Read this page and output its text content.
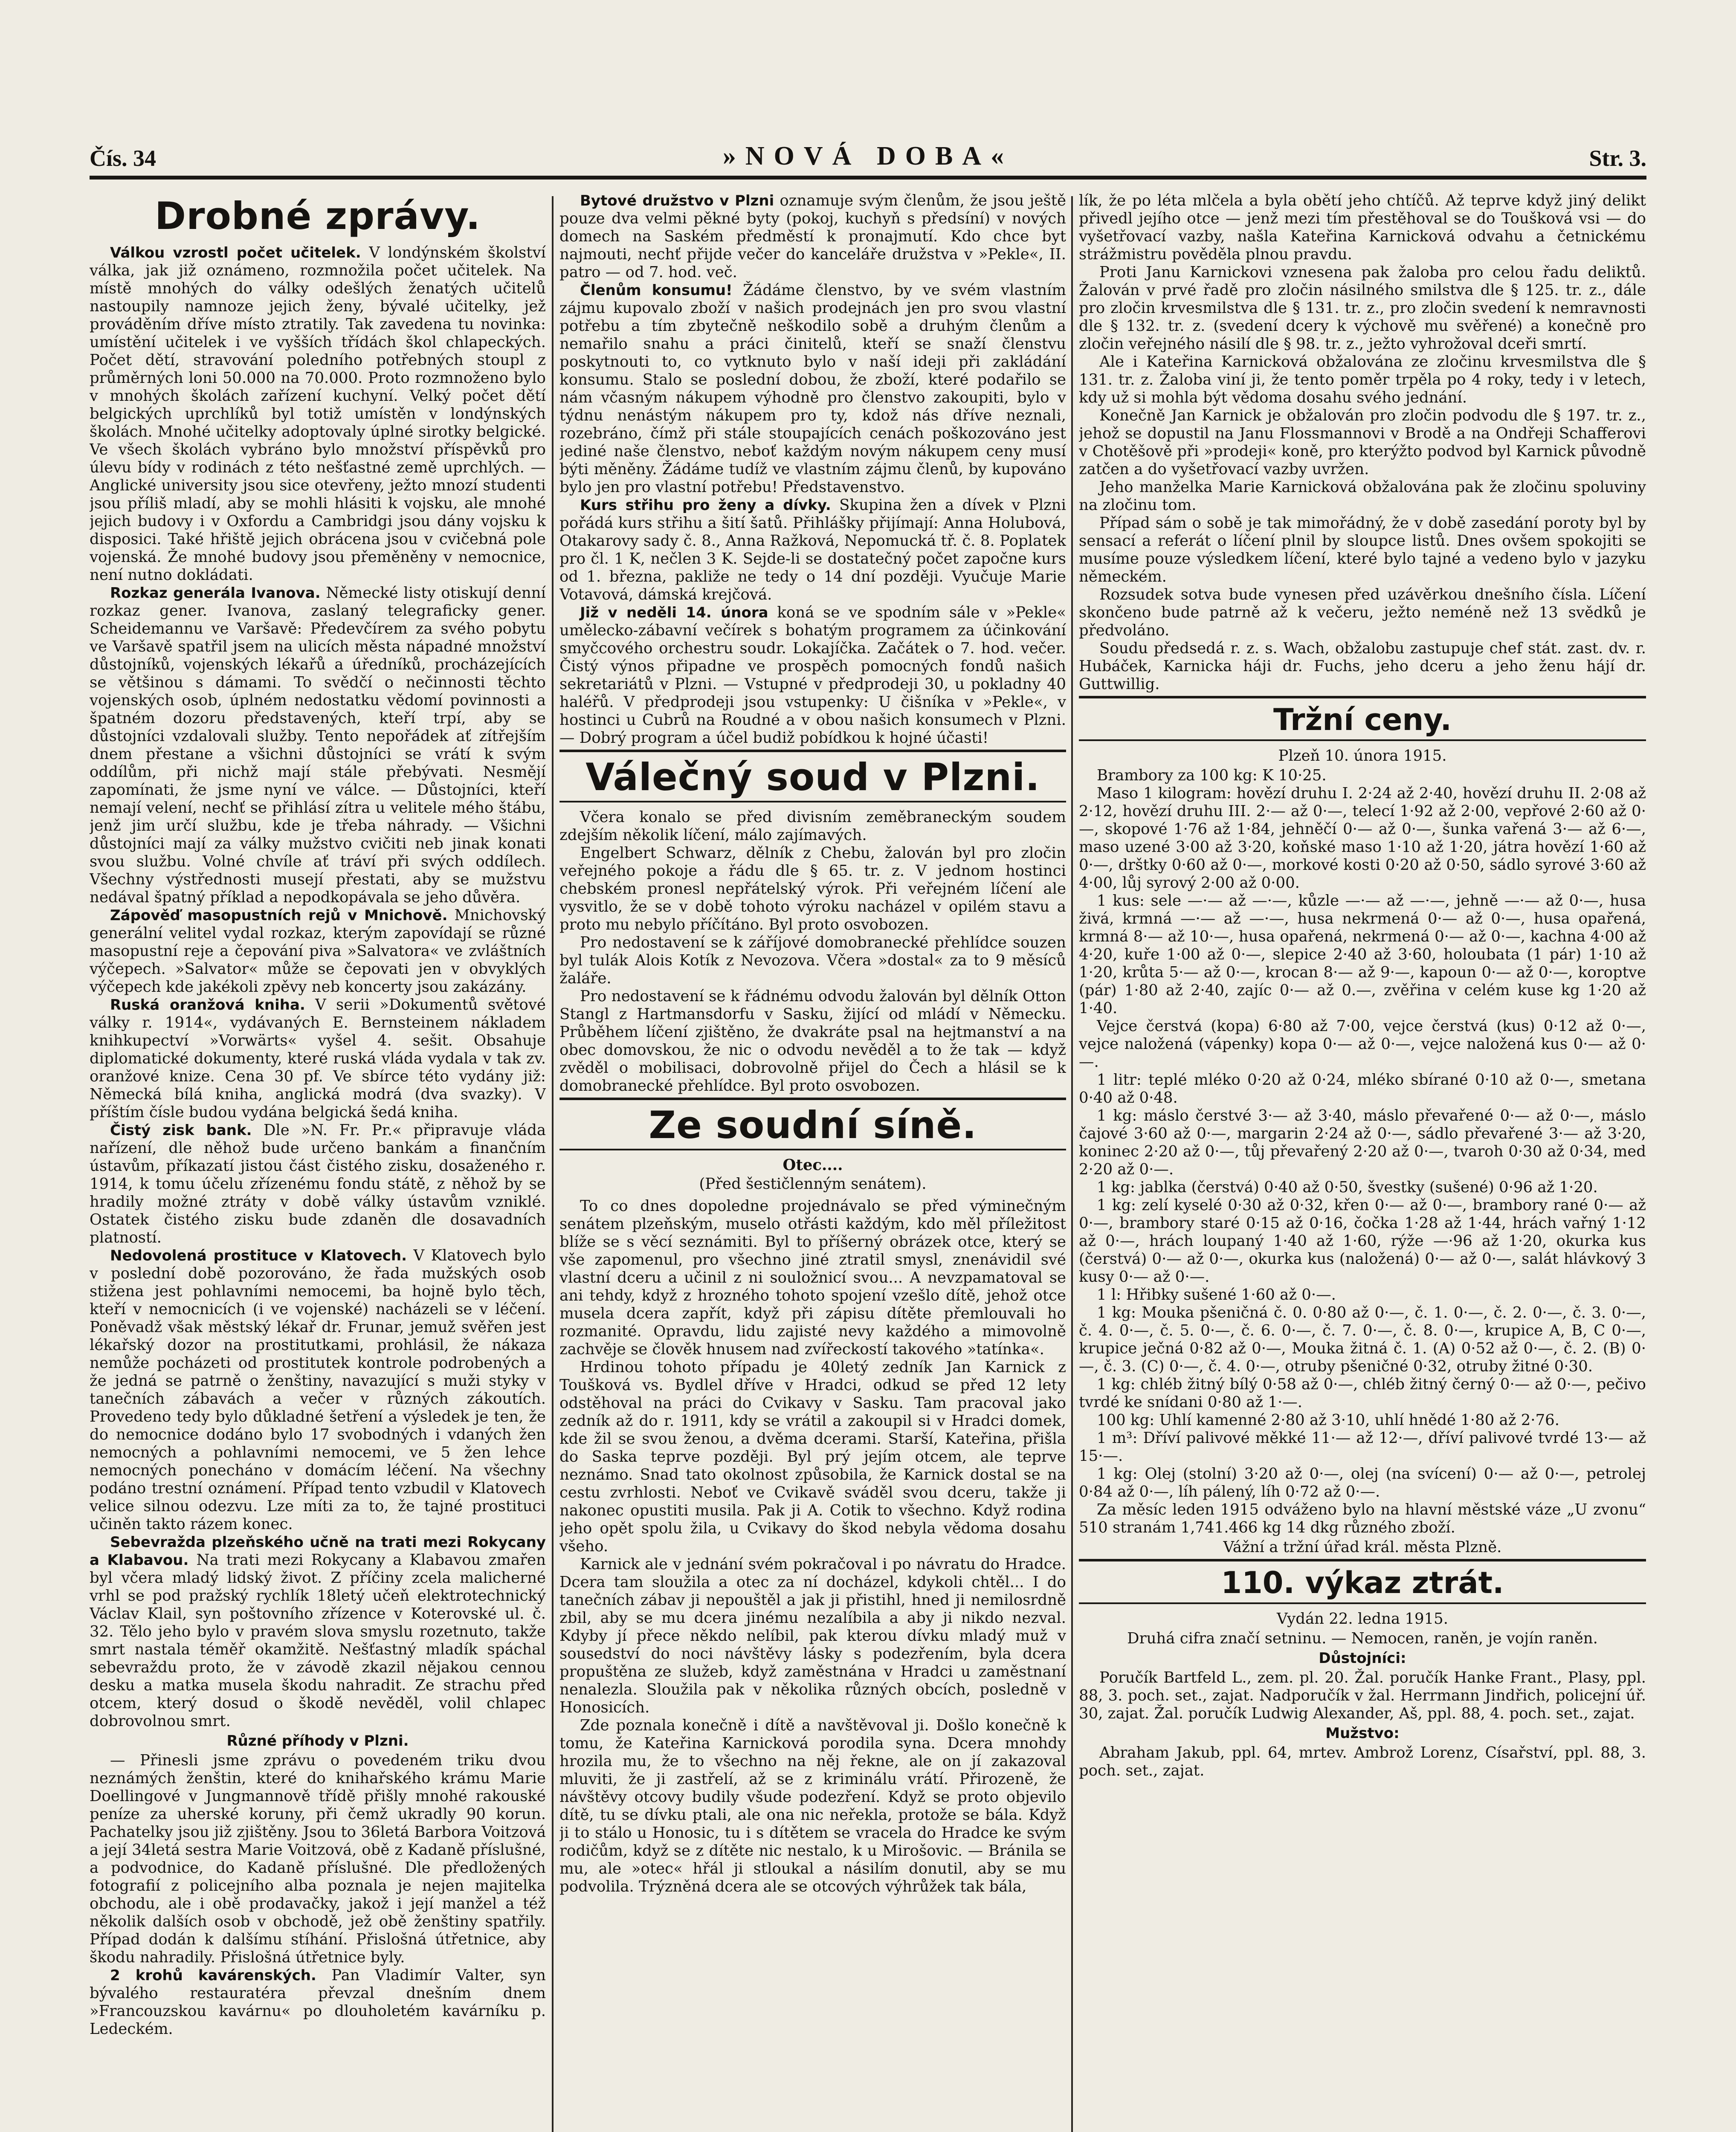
Čís. 34	»NOVÁ DOBA«	Str. 3.
Drobné zprávy.

Válkou vzrostl počet učitelek. V londýnském školství válka, jak již oznámeno, rozmnožila počet učitelek. Na místě mnohých do války odešlých ženatých učitelů nastoupily namnoze jejich ženy, bývalé učitelky, jež prováděním dříve místo ztratily. Tak zavedena tu novinka: umístění učitelek i ve vyšších třídách škol chlapeckých. Počet dětí, stravování poledního potřebných stoupl z průměrných loni 50.000 na 70.000. Proto rozmnoženo bylo v mnohých školách zařízení kuchyní. Velký počet dětí belgických uprchlíků byl totiž umístěn v londýnských školách. Mnohé učitelky adoptovaly úplné sirotky belgické. Ve všech školách vybráno bylo množství příspěvků pro úlevu bídy v rodinách z této nešťastné země uprchlých. — Anglické university jsou sice otevřeny, ježto mnozí studenti jsou příliš mladí, aby se mohli hlásiti k vojsku, ale mnohé jejich budovy i v Oxfordu a Cambridgi jsou dány vojsku k disposici. Také hřiště jejich obrácena jsou v cvičebná pole vojenská. Že mnohé budovy jsou přeměněny v nemocnice, není nutno dokládati.

Rozkaz generála Ivanova. Německé listy otiskují denní rozkaz gener. Ivanova, zaslaný telegraficky gener. Scheidemannu ve Varšavě: Předevčírem za svého pobytu ve Varšavě spatřil jsem na ulicích města nápadné množství důstojníků, vojenských lékařů a úředníků, procházejících se většinou s dámami. To svědčí o nečinnosti těchto vojenských osob, úplném nedostatku vědomí povinnosti a špatném dozoru představených, kteří trpí, aby se důstojníci vzdalovali služby. Tento nepořádek ať zítřejším dnem přestane a všichni důstojníci se vrátí k svým oddílům, při nichž mají stále přebývati. Nesmějí zapomínati, že jsme nyní ve válce. — Důstojníci, kteří nemají velení, nechť se přihlásí zítra u velitele mého štábu, jenž jim určí službu, kde je třeba náhrady. — Všichni důstojníci mají za války mužstvo cvičiti neb jinak konati svou službu. Volné chvíle ať tráví při svých oddílech. Všechny výstřednosti musejí přestati, aby se mužstvu nedával špatný příklad a nepodkopávala se jeho důvěra.

Zápověď masopustních rejů v Mnichově. Mnichovský generální velitel vydal rozkaz, kterým zapovídají se různé masopustní reje a čepování piva »Salvatora« ve zvláštních výčepech. »Salvator« může se čepovati jen v obvyklých výčepech kde jakékoli zpěvy neb koncerty jsou zakázány.

Ruská oranžová kniha. V serii »Dokumentů světové války r. 1914«, vydávaných E. Bernsteinem nákladem knihkupectví »Vorwärts« vyšel 4. sešit. Obsahuje diplomatické dokumenty, které ruská vláda vydala v tak zv. oranžové knize. Cena 30 pf. Ve sbírce této vydány již: Německá bílá kniha, anglická modrá (dva svazky). V příštím čísle budou vydána belgická šedá kniha.

Čistý zisk bank. Dle »N. Fr. Pr.« připravuje vláda nařízení, dle něhož bude určeno bankám a finančním ústavům, příkazatí jistou část čistého zisku, dosaženého r. 1914, k tomu účelu zřízenému fondu státě, z něhož by se hradily možné ztráty v době války ústavům vzniklé. Ostatek čistého zisku bude zdaněn dle dosavadních platností.

Nedovolená prostituce v Klatovech. V Klatovech bylo v poslední době pozorováno, že řada mužských osob stižena jest pohlavními nemocemi, ba hojně bylo těch, kteří v nemocnicích (i ve vojenské) nacházeli se v léčení. Poněvadž však městský lékař dr. Frunar, jemuž svěřen jest lékařský dozor na prostitutkami, prohlásil, že nákaza nemůže pocházeti od prostitutek kontrole podrobených a že jedná se patrně o ženštiny, navazující s muži styky v tanečních zábavách a večer v různých zákoutích. Provedeno tedy bylo důkladné šetření a výsledek je ten, že do nemocnice dodáno bylo 17 svobodných i vdaných žen nemocných a pohlavními nemocemi, ve 5 žen lehce nemocných ponecháno v domácím léčení. Na všechny podáno trestní oznámení. Případ tento vzbudil v Klatovech velice silnou odezvu. Lze míti za to, že tajné prostituci učiněn takto rázem konec.

Sebevražda plzeňského učně na trati mezi Rokycany a Klabavou. Na trati mezi Rokycany a Klabavou zmařen byl včera mladý lidský život. Z příčiny zcela malicherné vrhl se pod pražský rychlík 18letý učeň elektrotechnický Václav Klail, syn poštovního zřízence v Koterovské ul. č. 32. Tělo jeho bylo v pravém slova smyslu rozetnuto, takže smrt nastala téměř okamžitě. Nešťastný mladík spáchal sebevraždu proto, že v závodě zkazil nějakou cennou desku a matka musela škodu nahradit. Ze strachu před otcem, který dosud o škodě nevěděl, volil chlapec dobrovolnou smrt.

Různé příhody v Plzni.

— Přinesli jsme zprávu o povedeném triku dvou neznámých ženštin, které do knihařského krámu Marie Doellingové v Jungmannově třídě přišly mnohé rakouské peníze za uherské koruny, při čemž ukradly 90 korun. Pachatelky jsou již zjištěny. Jsou to 36letá Barbora Voitzová a její 34letá sestra Marie Voitzová, obě z Kadaně příslušné, a podvodnice, do Kadaně příslušné. Dle předložených fotografií z policejního alba poznala je nejen majitelka obchodu, ale i obě prodavačky, jakož i její manžel a též několik dalších osob v obchodě, jež obě ženštiny spatřily. Případ dodán k dalšímu stíhání. Přislošná útřetnice, aby škodu nahradily. Přislošná útřetnice byly.

2 krohů kavárenských. Pan Vladimír Valter, syn bývalého restauratéra převzal dnešním dnem »Francouzskou kavárnu« po dlouholetém kavárníku p. Ledeckém.

Bytové družstvo v Plzni oznamuje svým členům, že jsou ještě pouze dva velmi pěkné byty (pokoj, kuchyň s předsíní) v nových domech na Saském předměstí k pronajmutí. Kdo chce byt najmouti, nechť přijde večer do kanceláře družstva v »Pekle«, II. patro — od 7. hod. več.

Členům konsumu! Žádáme členstvo, by ve svém vlastním zájmu kupovalo zboží v našich prodejnách jen pro svou vlastní potřebu a tím zbytečně neškodilo sobě a druhým členům a nemařilo snahu a práci činitelů, kteří se snaží členstvu poskytnouti to, co vytknuto bylo v naší ideji při zakládání konsumu. Stalo se poslední dobou, že zboží, které podařilo se nám včasným nákupem výhodně pro členstvo zakoupiti, bylo v týdnu nenástým nákupem pro ty, kdož nás dříve neznali, rozebráno, čímž při stále stoupajících cenách poškozováno jest jediné naše členstvo, neboť každým novým nákupem ceny musí býti měněny. Žádáme tudíž ve vlastním zájmu členů, by kupováno bylo jen pro vlastní potřebu! Představenstvo.

Kurs střihu pro ženy a dívky. Skupina žen a dívek v Plzni pořádá kurs střihu a šití šatů. Přihlášky přijímají: Anna Holubová, Otakarovy sady č. 8., Anna Ražková, Nepomucká tř. č. 8. Poplatek pro čl. 1 K, nečlen 3 K. Sejde-li se dostatečný počet započne kurs od 1. března, pakliže ne tedy o 14 dní později. Vyučuje Marie Votavová, dámská krejčová.

Již v neděli 14. února koná se ve spodním sále v »Pekle« umělecko-zábavní večírek s bohatým programem za účinkování smyčcového orchestru soudr. Lokajíčka. Začátek o 7. hod. večer. Čistý výnos připadne ve prospěch pomocných fondů našich sekretariátů v Plzni. — Vstupné v předprodeji 30, u pokladny 40 haléřů. V předprodeji jsou vstupenky: U čišníka v »Pekle«, v hostinci u Cubrů na Roudné a v obou našich konsumech v Plzni. — Dobrý program a účel budiž pobídkou k hojné účasti!

Válečný soud v Plzni.

Včera konalo se před divisním zeměbraneckým soudem zdejším několik líčení, málo zajímavých.

Engelbert Schwarz, dělník z Chebu, žalován byl pro zločin veřejného pokoje a řádu dle § 65. tr. z. V jednom hostinci chebském pronesl nepřátelský výrok. Při veřejném líčení ale vysvitlo, že se v době tohoto výroku nacházel v opilém stavu a proto mu nebylo příčítáno. Byl proto osvobozen.

Pro nedostavení se k záříjové domobranecké přehlídce souzen byl tulák Alois Kotík z Nevozova. Včera »dostal« za to 9 měsíců žaláře.

Pro nedostavení se k řádnému odvodu žalován byl dělník Otton Stangl z Hartmansdorfu v Sasku, žijící od mládí v Německu. Průběhem líčení zjištěno, že dvakráte psal na hejtmanství a na obec domovskou, že nic o odvodu nevěděl a to že tak — když zvěděl o mobilisaci, dobrovolně přijel do Čech a hlásil se k domobranecké přehlídce. Byl proto osvobozen.

Ze soudní síně.
Otec....
(Před šestičlenným senátem).

To co dnes dopoledne projednávalo se před výminečným senátem plzeňským, muselo otřásti každým, kdo měl příležitost blíže se s věcí seznámiti. Byl to příšerný obrázek otce, který se vše zapomenul, pro všechno jiné ztratil smysl, znenávidil své vlastní dceru a učinil z ni souložnicí svou... A nevzpamatoval se ani tehdy, když z hrozného tohoto spojení vzešlo dítě, jehož otce musela dcera zapřít, když při zápisu dítěte přemlouvali ho rozmanité. Opravdu, lidu zajisté nevy každého a mimovolně zachvěje se člověk hnusem nad zvířeckostí takového »tatínka«.

Hrdinou tohoto případu je 40letý zedník Jan Karnick z Toušková vs. Bydlel dříve v Hradci, odkud se před 12 lety odstěhoval na práci do Cvikavy v Sasku. Tam pracoval jako zedník až do r. 1911, kdy se vrátil a zakoupil si v Hradci domek, kde žil se svou ženou, a dvěma dcerami. Starší, Kateřina, přišla do Saska teprve později. Byl prý jejím otcem, ale teprve neznámo. Snad tato okolnost způsobila, že Karnick dostal se na cestu zvrhlosti. Neboť ve Cvikavě sváděl svou dceru, takže ji nakonec opustiti musila. Pak ji A. Cotik to všechno. Když rodina jeho opět spolu žila, u Cvikavy do škod nebyla vědoma dosahu všeho.

Karnick ale v jednání svém pokračoval i po návratu do Hradce. Dcera tam sloužila a otec za ní docházel, kdykoli chtěl... I do tanečních zábav ji nepouštěl a jak ji přistihl, hned ji nemilosrdně zbil, aby se mu dcera jinému nezalíbila a aby ji nikdo nezval. Kdyby jí přece někdo nelíbil, pak kterou dívku mladý muž v sousedství do noci návštěvy lásky s podezřením, byla dcera propuštěna ze služeb, když zaměstnána v Hradci u zaměstnaní nenalezla. Sloužila pak v několika různých obcích, posledně v Honosicích.

Zde poznala konečně i dítě a navštěvoval ji. Došlo konečně k tomu, že Kateřina Karnicková porodila syna. Dcera mnohdy hrozila mu, že to všechno na něj řekne, ale on jí zakazoval mluviti, že ji zastřelí, až se z kriminálu vrátí. Přirozeně, že návštěvy otcovy budily všude podezření. Když se proto objevilo dítě, tu se dívku ptali, ale ona nic neřekla, protože se bála. Když ji to stálo u Honosic, tu i s dítětem se vracela do Hradce ke svým rodičům, když se z dítěte nic nestalo, k u Mirošovic. — Bránila se mu, ale »otec« hřál ji stloukal a násilím donutil, aby se mu podvolila. Trýzněná dcera ale se otcových výhrůžek tak bála,

lík, že po léta mlčela a byla obětí jeho chtíčů. Až teprve když jiný delikt přivedl jejího otce — jenž mezi tím přestěhoval se do Toušková vsi — do vyšetřovací vazby, našla Kateřina Karnicková odvahu a četnickému strážmistru pověděla plnou pravdu.

Proti Janu Karnickovi vznesena pak žaloba pro celou řadu deliktů. Žalován v prvé řadě pro zločin násilného smilstva dle § 125. tr. z., dále pro zločin krvesmilstva dle § 131. tr. z., pro zločin svedení k nemravnosti dle § 132. tr. z. (svedení dcery k výchově mu svěřené) a konečně pro zločin veřejného násilí dle § 98. tr. z., ježto vyhrožoval dceři smrtí.

Ale i Kateřina Karnicková obžalována ze zločinu krvesmilstva dle § 131. tr. z. Žaloba viní ji, že tento poměr trpěla po 4 roky, tedy i v letech, kdy už si mohla být vědoma dosahu svého jednání.

Konečně Jan Karnick je obžalován pro zločin podvodu dle § 197. tr. z., jehož se dopustil na Janu Flossmannovi v Brodě a na Ondřeji Schafferovi v Chotěšově při »prodeji« koně, pro kterýžto podvod byl Karnick původně zatčen a do vyšetřovací vazby uvržen.

Jeho manželka Marie Karnicková obžalována pak že zločinu spoluviny na zločinu tom.

Případ sám o sobě je tak mimořádný, že v době zasedání poroty byl by sensací a referát o líčení plnil by sloupce listů. Dnes ovšem spokojiti se musíme pouze výsledkem líčení, které bylo tajné a vedeno bylo v jazyku německém.

Rozsudek sotva bude vynesen před uzávěrkou dnešního čísla. Líčení skončeno bude patrně až k večeru, ježto neméně než 13 svědků je předvoláno.

Soudu předsedá r. z. s. Wach, obžalobu zastupuje chef stát. zast. dv. r. Hubáček, Karnicka háji dr. Fuchs, jeho dceru a jeho ženu hájí dr. Guttwillig.

Tržní ceny.

Plzeň 10. února 1915.

Brambory za 100 kg: K 10·25.

Maso 1 kilogram: hovězí druhu I. 2·24 až 2·40, hovězí druhu II. 2·08 až 2·12, hovězí druhu III. 2·— až 0·—, telecí 1·92 až 2·00, vepřové 2·60 až 0·—, skopové 1·76 až 1·84, jehněčí 0·— až 0·—, šunka vařená 3·— až 6·—, maso uzené 3·00 až 3·20, koňské maso 1·10 až 1·20, játra hovězí 1·60 až 0·—, drštky 0·60 až 0·—, morkové kosti 0·20 až 0·50, sádlo syrové 3·60 až 4·00, lůj syrový 2·00 až 0·00.

1 kus: sele —·— až —·—, kůzle —·— až —·—, jehně —·— až 0·—, husa živá, krmná —·— až —·—, husa nekrmená 0·— až 0·—, husa opařená, krmná 8·— až 10·—, husa opařená, nekrmená 0·— až 0·—, kachna 4·00 až 4·20, kuře 1·00 až 0·—, slepice 2·40 až 3·60, holoubata (1 pár) 1·10 až 1·20, krůta 5·— až 0·—, krocan 8·— až 9·—, kapoun 0·— až 0·—, koroptve (pár) 1·80 až 2·40, zajíc 0·— až 0.—, zvěřina v celém kuse kg 1·20 až 1·40.

Vejce čerstvá (kopa) 6·80 až 7·00, vejce čerstvá (kus) 0·12 až 0·—, vejce naložená (vápenky) kopa 0·— až 0·—, vejce naložená kus 0·— až 0·—.

1 litr: teplé mléko 0·20 až 0·24, mléko sbírané 0·10 až 0·—, smetana 0·40 až 0·48.

1 kg: máslo čerstvé 3·— až 3·40, máslo převařené 0·— až 0·—, máslo čajové 3·60 až 0·—, margarin 2·24 až 0·—, sádlo převařené 3·— až 3·20, koninec 2·20 až 0·—, tůj převařený 2·20 až 0·—, tvaroh 0·30 až 0·34, med 2·20 až 0·—.

1 kg: jablka (čerstvá) 0·40 až 0·50, švestky (sušené) 0·96 až 1·20.

1 kg: zelí kyselé 0·30 až 0·32, křen 0·— až 0·—, brambory rané 0·— až 0·—, brambory staré 0·15 až 0·16, čočka 1·28 až 1·44, hrách vařný 1·12 až 0·—, hrách loupaný 1·40 až 1·60, rýže —·96 až 1·20, okurka kus (čerstvá) 0·— až 0·—, okurka kus (naložená) 0·— až 0·—, salát hlávkový 3 kusy 0·— až 0·—.

1 l: Hřibky sušené 1·60 až 0·—.

1 kg: Mouka pšeničná č. 0. 0·80 až 0·—, č. 1. 0·—, č. 2. 0·—, č. 3. 0·—, č. 4. 0·—, č. 5. 0·—, č. 6. 0·—, č. 7. 0·—, č. 8. 0·—, krupice A, B, C 0·—, krupice ječná 0·82 až 0·—, Mouka žitná č. 1. (A) 0·52 až 0·—, č. 2. (B) 0·—, č. 3. (C) 0·—, č. 4. 0·—, otruby pšeničné 0·32, otruby žitné 0·30.

1 kg: chléb žitný bílý 0·58 až 0·—, chléb žitný černý 0·— až 0·—, pečivo tvrdé ke snídani 0·80 až 1·—.

100 kg: Uhlí kamenné 2·80 až 3·10, uhlí hnědé 1·80 až 2·76.

1 m³: Dříví palivové měkké 11·— až 12·—, dříví palivové tvrdé 13·— až 15·—.

1 kg: Olej (stolní) 3·20 až 0·—, olej (na svícení) 0·— až 0·—, petrolej 0·84 až 0·—, líh pálený, líh 0·72 až 0·—.

Za měsíc leden 1915 odváženo bylo na hlavní městské váze „U zvonu“ 510 stranám 1,741.466 kg 14 dkg různého zboží.

Vážní a tržní úřad král. města Plzně.

110. výkaz ztrát.

Vydán 22. ledna 1915.

Druhá cifra značí setninu. — Nemocen, raněn, je vojín raněn.

Důstojníci:

Poručík Bartfeld L., zem. pl. 20. Žal. poručík Hanke Frant., Plasy, ppl. 88, 3. poch. set., zajat. Nadporučík v žal. Herrmann Jindřich, policejní úř. 30, zajat. Žal. poručík Ludwig Alexander, Aš, ppl. 88, 4. poch. set., zajat.

Mužstvo:

Abraham Jakub, ppl. 64, mrtev. Ambrož Lorenz, Císařství, ppl. 88, 3. poch. set., zajat.
